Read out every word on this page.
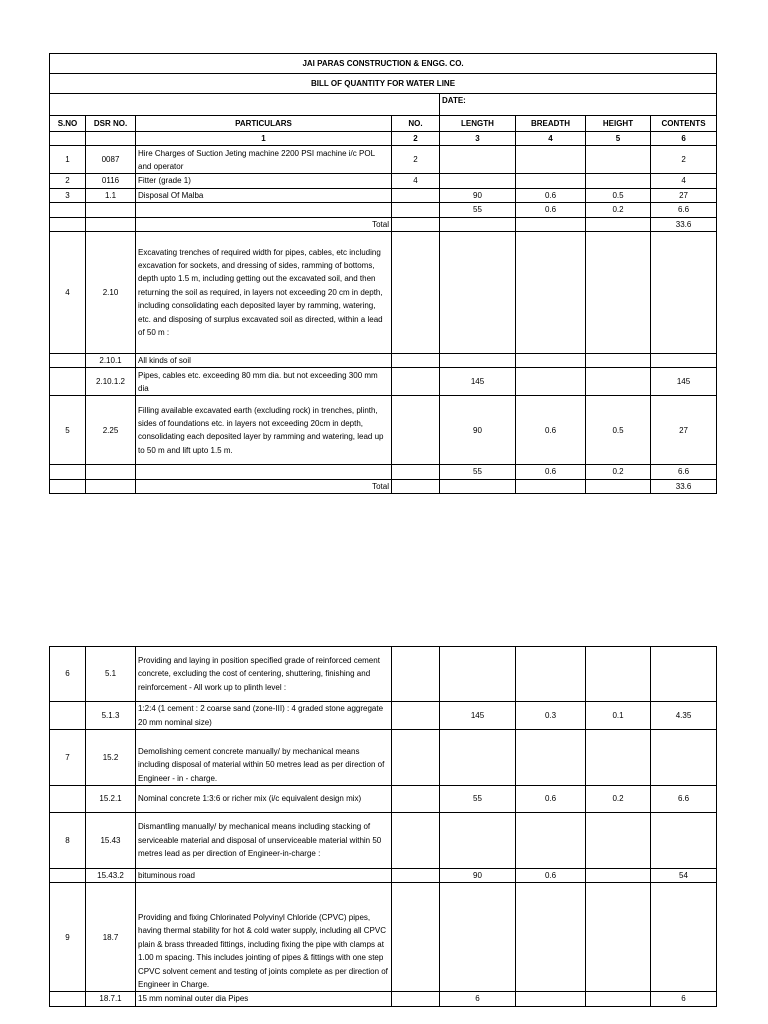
JAI PARAS CONSTRUCTION & ENGG. CO.							
BILL OF QUANTITY FOR WATER LINE							
				DATE:			
S.NO	DSR NO.	PARTICULARS	NO.	LENGTH	BREADTH	HEIGHT	CONTENTS
		1	2	3	4	5	6
1	0087	Hire Charges of Suction Jeting machine 2200 PSI machine i/c POL and operator	2				2
2	0116	Fitter (grade 1)	4				4
3	1.1	Disposal Of Malba		90	0.6	0.5	27
				55	0.6	0.2	6.6
		Total					33.6
4	2.10	Excavating trenches of required width for pipes, cables, etc including excavation for sockets, and dressing of sides, ramming of bottoms, depth upto 1.5 m, including getting out the excavated soil, and then returning the soil as required, in layers not exceeding 20 cm in depth, including consolidating each deposited layer by ramming, watering, etc. and disposing of surplus excavated soil as directed, within a lead of 50 m :					
	2.10.1	All kinds of soil					
	2.10.1.2	Pipes, cables etc. exceeding 80 mm dia. but not exceeding 300 mm dia		145			145
5	2.25	Filling available excavated earth (excluding rock) in trenches, plinth, sides of foundations etc. in layers not exceeding 20cm in depth, consolidating each deposited layer by ramming and watering, lead up to 50 m and lift upto 1.5 m.		90	0.6	0.5	27
				55	0.6	0.2	6.6
		Total					33.6
6	5.1	Providing and laying in position specified grade of reinforced cement concrete, excluding the cost of centering, shuttering, finishing and reinforcement - All work up to plinth level :					
	5.1.3	1:2:4 (1 cement : 2 coarse sand (zone-III) : 4 graded stone aggregate 20 mm nominal size)		145	0.3	0.1	4.35
7	15.2	Demolishing cement concrete manually/ by mechanical means including disposal of material within 50 metres lead as per direction of Engineer - in - charge.					
	15.2.1	Nominal concrete 1:3:6 or richer mix (i/c equivalent design mix)		55	0.6	0.2	6.6
8	15.43	Dismantling manually/ by mechanical means including stacking of serviceable material and disposal of unserviceable material within 50 metres lead as per direction of Engineer-in-charge :					
	15.43.2	bituminous road		90	0.6		54
9	18.7	Providing and fixing Chlorinated Polyvinyl Chloride (CPVC) pipes, having thermal stability for hot & cold water supply, including all CPVC plain & brass threaded fittings, including fixing the pipe with clamps at 1.00 m spacing. This includes jointing of pipes & fittings with one step CPVC solvent cement and testing of joints complete as per direction of Engineer in Charge.					
	18.7.1	15 mm nominal outer dia Pipes		6			6
